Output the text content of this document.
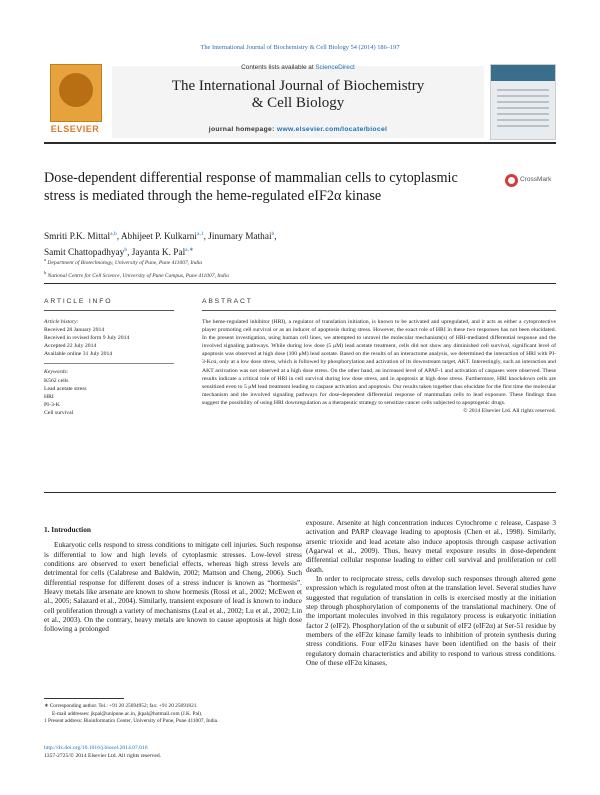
The International Journal of Biochemistry & Cell Biology 54 (2014) 186–197
ELSEVIER
Contents lists available at ScienceDirect
The International Journal of Biochemistry
& Cell Biology
journal homepage: www.elsevier.com/locate/biocel
Dose-dependent differential response of mammalian cells to cytoplasmic stress is mediated through the heme-regulated eIF2α kinase
CrossMark
Smriti P.K. Mittal$^{a,b}$, Abhijeet P. Kulkarni$^{a,1}$, Jinumary Mathai$^b$,
Samit Chattopadhyay$^b$, Jayanta K. Pal$^{a,∗}$
$^a$ Department of Biotechnology, University of Pune, Pune 411007, India
$^b$ National Centre for Cell Science, University of Pune Campus, Pune 411007, India
ARTICLE INFO	ABSTRACT
Article history:
Received 28 January 2014
Received in revised form 9 July 2014
Accepted 22 July 2014
Available online 31 July 2014
Keywords:
K562 cells
Lead acetate stress
HRI
PI-3-K
Cell survival
The heme-regulated inhibitor (HRI), a regulator of translation initiation, is known to be activated and upregulated, and it acts as either a cytoprotective player promoting cell survival or as an inducer of apoptosis during stress. However, the exact role of HRI in these two responses has not been elucidated. In the present investigation, using human cell lines, we attempted to unravel the molecular mechanism(s) of HRI-mediated differential response and the involved signaling pathways. While during low dose (5 μM) lead acetate treatment, cells did not show any diminished cell survival, significant level of apoptosis was observed at high dose (100 μM) lead acetate. Based on the results of an interactome analysis, we determined the interaction of HRI with PI-3-Kcα, only at a low dose stress, which is followed by phosphorylation and activation of its downstream target, AKT. Interestingly, such an interaction and AKT activation was not observed at a high dose stress. On the other hand, an increased level of APAF-1 and activation of caspases were observed. These results indicate a critical role of HRI in cell survival during low dose stress, and in apoptosis at high dose stress. Furthermore, HRI knockdown cells are sensitized even to 5 μM lead treatment leading to caspase activation and apoptosis. Our results taken together thus elucidate for the first time the molecular mechanism and the involved signaling pathways for dose-dependent differential response of mammalian cells to lead exposure. These findings thus suggest the possibility of using HRI downregulation as a therapeutic strategy to sensitize cancer cells subjected to apoptogenic drugs.
© 2014 Elsevier Ltd. All rights reserved.
1. Introduction

Eukaryotic cells respond to stress conditions to mitigate cell injuries. Such response is differential to low and high levels of cytoplasmic stresses. Low-level stress conditions are observed to exert beneficial effects, whereas high stress levels are detrimental for cells (Calabrese and Baldwin, 2002; Mattson and Cheng, 2006). Such differential response for different doses of a stress inducer is known as “hormesis”. Heavy metals like arsenate are known to show hormesis (Rossi et al., 2002; McEwen et al., 2005; Salazard et al., 2004). Similarly, transient exposure of lead is known to induce cell proliferation through a variety of mechanisms (Leal et al., 2002; Lu et al., 2002; Lin et al., 2003). On the contrary, heavy metals are known to cause apoptosis at high dose following a prolonged

exposure. Arsenite at high concentration induces Cytochrome c release, Caspase 3 activation and PARP cleavage leading to apoptosis (Chen et al., 1998). Similarly, arsenic trioxide and lead acetate also induce apoptosis through caspase activation (Agarwal et al., 2009). Thus, heavy metal exposure results in dose-dependent differential cellular response leading to either cell survival and proliferation or cell death.

In order to reciprocate stress, cells develop such responses through altered gene expression which is regulated most often at the translation level. Several studies have suggested that regulation of translation in cells is exercised mostly at the initiation step through phosphorylation of components of the translational machinery. One of the important molecules involved in this regulatory process is eukaryotic initiation factor 2 (eIF2). Phosphorylation of the α subunit of eIF2 (eIF2α) at Ser-51 residue by members of the eIF2α kinase family leads to inhibition of protein synthesis during stress conditions. Four eIF2α kinases have been identified on the basis of their regulatory domain characteristics and ability to respond to various stress conditions. One of these eIF2α kinases,

∗ Corresponding author. Tel.: +91 20 25694952; fax: +91 20 25691821.
E-mail addresses: jkpal@unipune.ac.in, jkpal@hotmail.com (J.K. Pal).
1 Present address: Bioinformatics Center, University of Pune, Pune 411007, India.
http://dx.doi.org/10.1016/j.biocel.2014.07.016
1357-2725/© 2014 Elsevier Ltd. All rights reserved.
